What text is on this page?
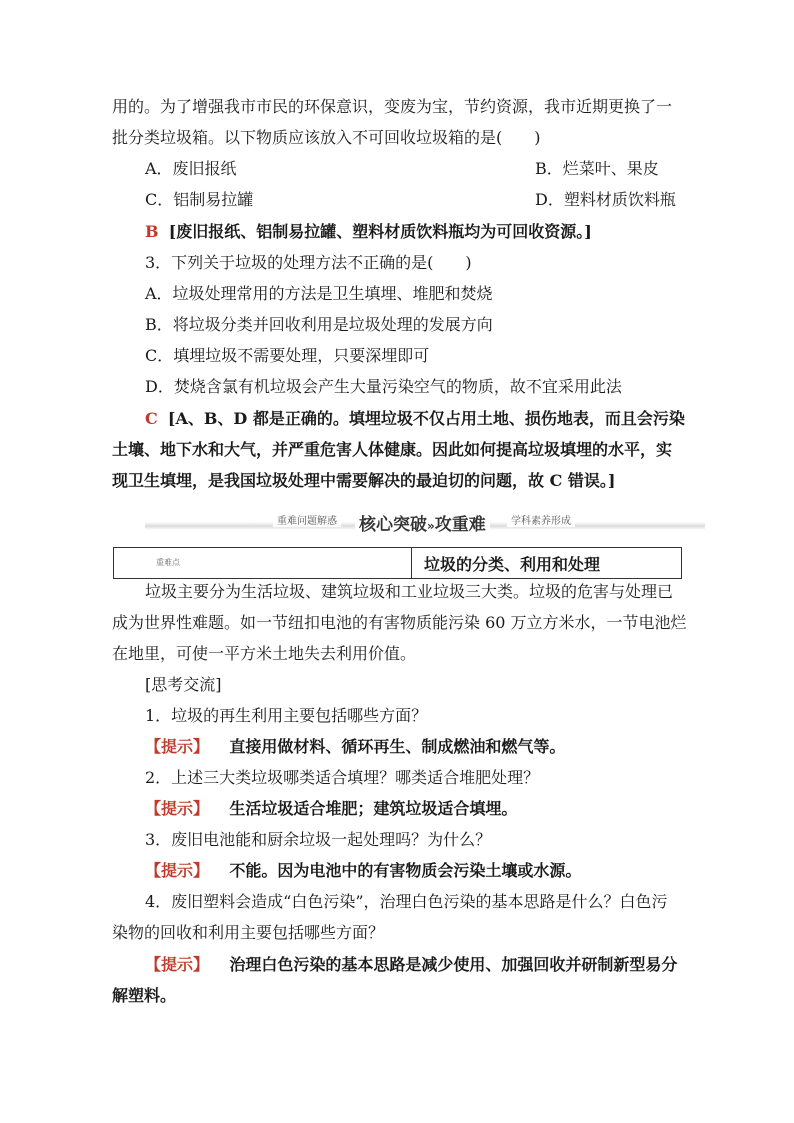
用的。为了增强我市市民的环保意识，变废为宝，节约资源，我市近期更换了一
批分类垃圾箱。以下物质应该放入不可回收垃圾箱的是(　　)
A．废旧报纸	B．烂菜叶、果皮
C．铝制易拉罐	D．塑料材质饮料瓶
B [废旧报纸、铝制易拉罐、塑料材质饮料瓶均为可回收资源。]
3．下列关于垃圾的处理方法不正确的是(　　)
A．垃圾处理常用的方法是卫生填埋、堆肥和焚烧
B．将垃圾分类并回收利用是垃圾处理的发展方向
C．填埋垃圾不需要处理，只要深埋即可
D．焚烧含氯有机垃圾会产生大量污染空气的物质，故不宜采用此法
C [A、B、D 都是正确的。填埋垃圾不仅占用土地、损伤地表，而且会污染
土壤、地下水和大气，并严重危害人体健康。因此如何提高垃圾填埋的水平，实
现卫生填埋，是我国垃圾处理中需要解决的最迫切的问题，故 C 错误。]
重难问题解惑 核心突破»攻重难	学科素养形成
重难点	垃圾的分类、利用和处理
垃圾主要分为生活垃圾、建筑垃圾和工业垃圾三大类。垃圾的危害与处理已
成为世界性难题。如一节纽扣电池的有害物质能污染 60 万立方米水，一节电池烂
在地里，可使一平方米土地失去利用价值。
[思考交流]
1．垃圾的再生利用主要包括哪些方面？
【提示】 直接用做材料、循环再生、制成燃油和燃气等。
2．上述三大类垃圾哪类适合填埋？哪类适合堆肥处理？
【提示】 生活垃圾适合堆肥；建筑垃圾适合填埋。
3．废旧电池能和厨余垃圾一起处理吗？为什么？
【提示】 不能。因为电池中的有害物质会污染土壤或水源。
4．废旧塑料会造成“白色污染”，治理白色污染的基本思路是什么？白色污
染物的回收和利用主要包括哪些方面？
【提示】 治理白色污染的基本思路是减少使用、加强回收并研制新型易分
解塑料。
